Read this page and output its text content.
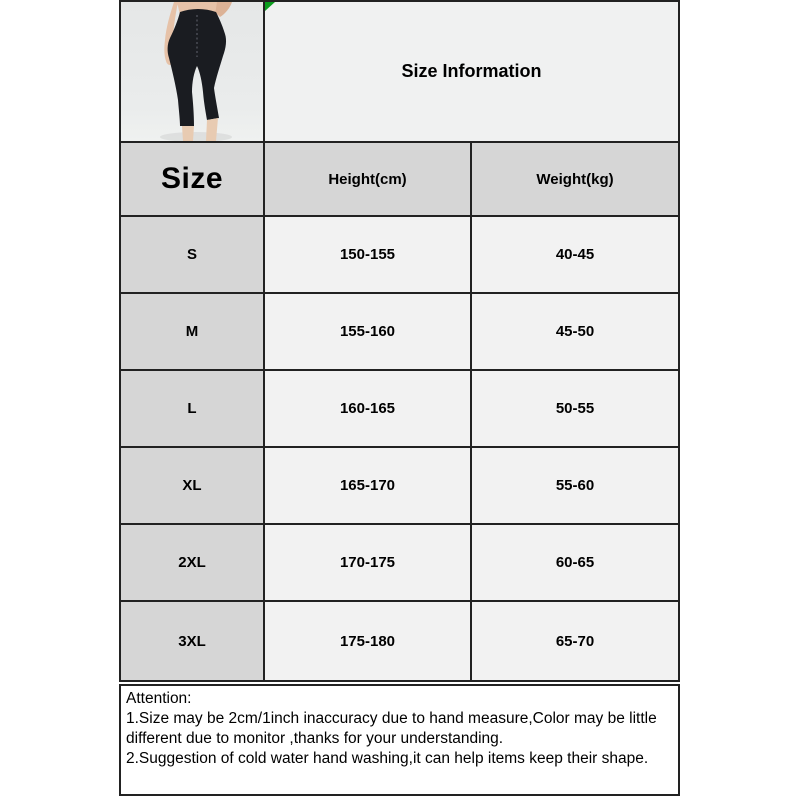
Size Information
Size	Height(cm)	Weight(kg)
S	150-155	40-45
M	155-160	45-50
L	160-165	50-55
XL	165-170	55-60
2XL	170-175	60-65
3XL	175-180	65-70
Attention:
1.Size may be 2cm/1inch inaccuracy due to hand measure,Color may be little different due to monitor ,thanks for your understanding.
2.Suggestion of cold water hand washing,it can help items keep their shape.
